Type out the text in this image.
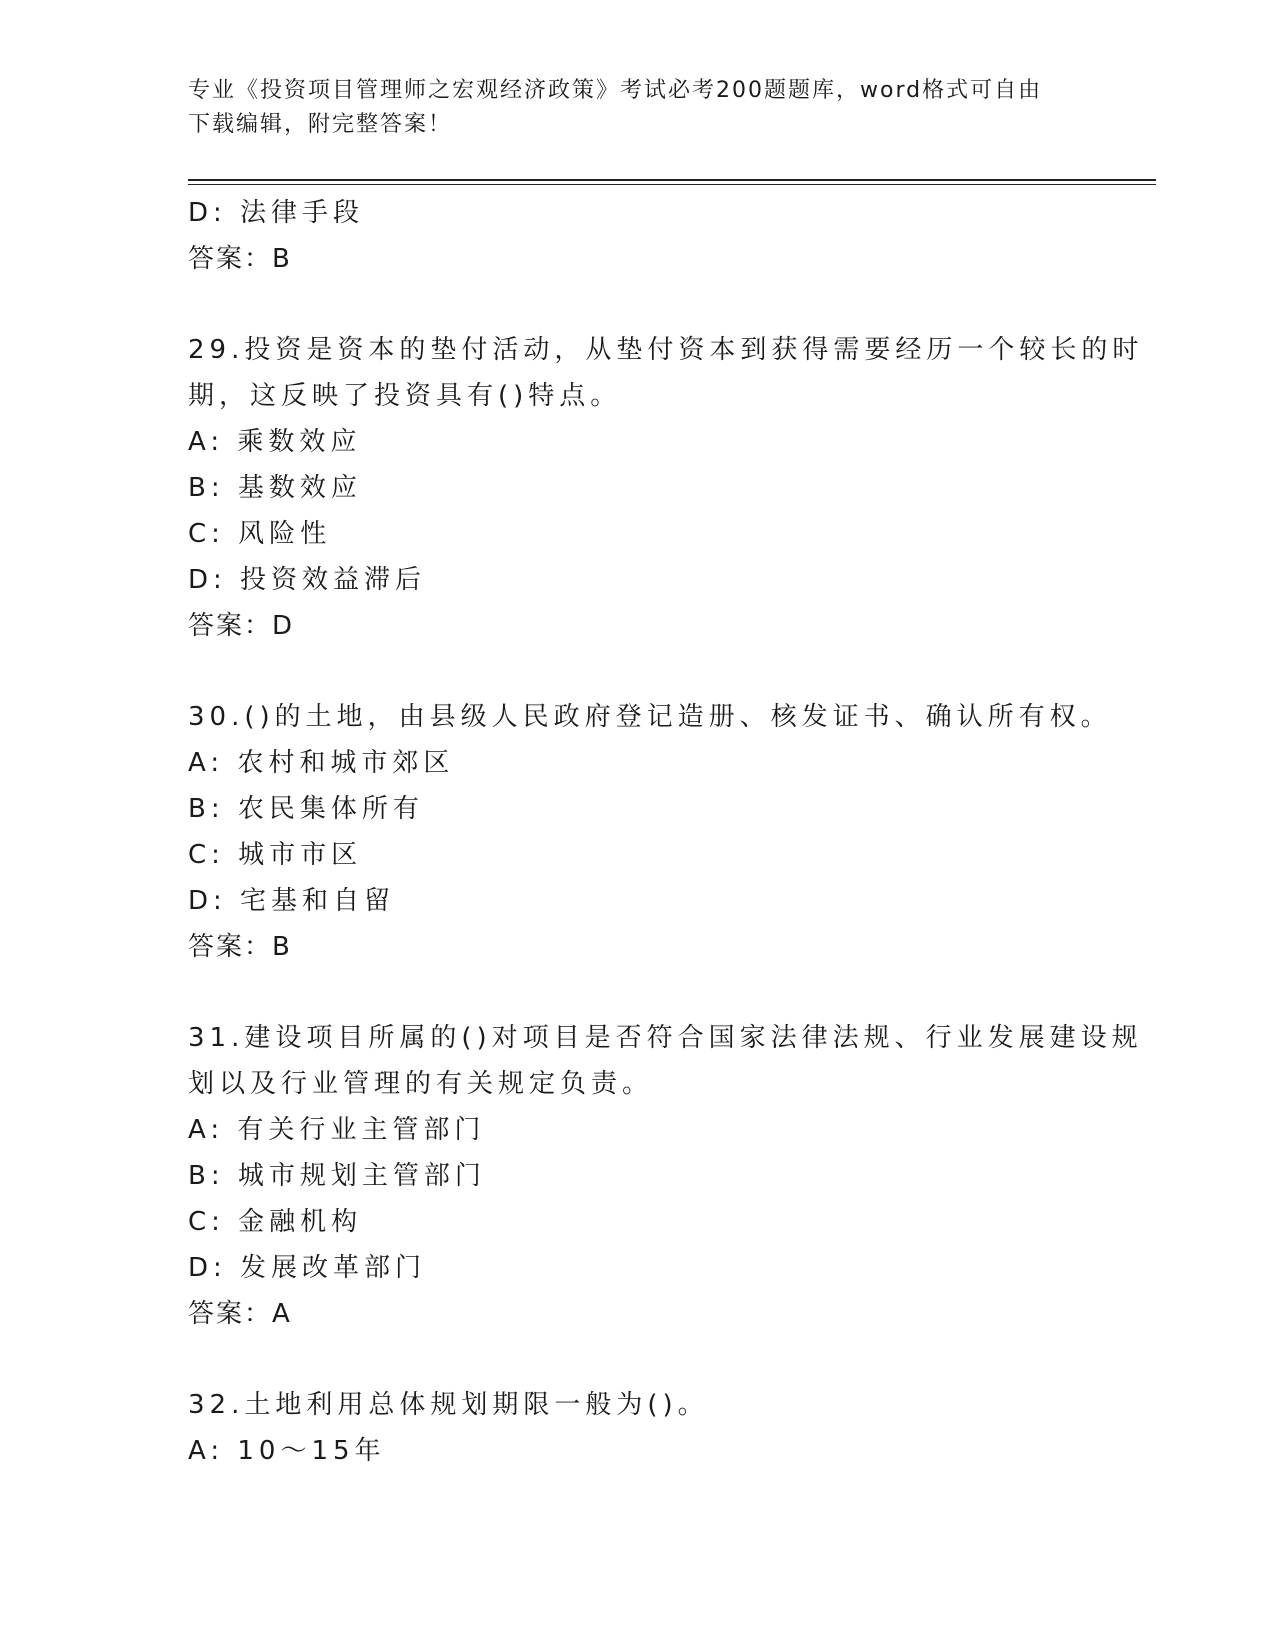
专业《投资项目管理师之宏观经济政策》考试必考200题题库，word格式可自由
下载编辑，附完整答案！
D: 法律手段
答案：B
29.投资是资本的垫付活动，从垫付资本到获得需要经历一个较长的时
期，这反映了投资具有()特点。
A: 乘数效应
B: 基数效应
C: 风险性
D: 投资效益滞后
答案：D
30.()的土地，由县级人民政府登记造册、核发证书、确认所有权。
A: 农村和城市郊区
B: 农民集体所有
C: 城市市区
D: 宅基和自留
答案：B
31.建设项目所属的()对项目是否符合国家法律法规、行业发展建设规
划以及行业管理的有关规定负责。
A: 有关行业主管部门
B: 城市规划主管部门
C: 金融机构
D: 发展改革部门
答案：A
32.土地利用总体规划期限一般为()。
A: 10～15年
